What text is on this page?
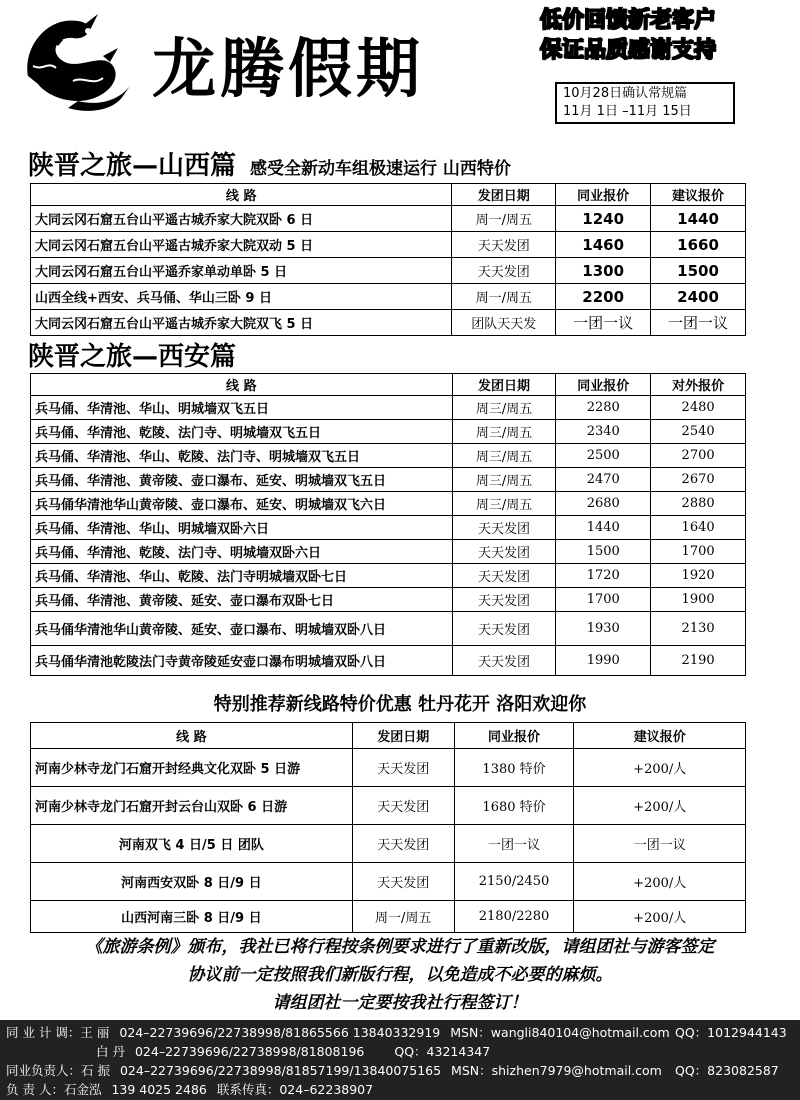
龙腾假期
低价回馈新老客户
保证品质感谢支持
10月28日确认常规篇
11月 1日 –11月 15日
陕晋之旅—山西篇 感受全新动车组极速运行 山西特价
线 路	发团日期	同业报价	建议报价
大同云冈石窟五台山平遥古城乔家大院双卧 6 日	周一/周五	1240	1440
大同云冈石窟五台山平遥古城乔家大院双动 5 日	天天发团	1460	1660
大同云冈石窟五台山平遥乔家单动单卧 5 日	天天发团	1300	1500
山西全线+西安、兵马俑、华山三卧 9 日	周一/周五	2200	2400
大同云冈石窟五台山平遥古城乔家大院双飞 5 日	团队天天发	一团一议	一团一议
陕晋之旅—西安篇
线 路	发团日期	同业报价	对外报价
兵马俑、华清池、华山、明城墙双飞五日	周三/周五	2280	2480
兵马俑、华清池、乾陵、法门寺、明城墙双飞五日	周三/周五	2340	2540
兵马俑、华清池、华山、乾陵、法门寺、明城墙双飞五日	周三/周五	2500	2700
兵马俑、华清池、黄帝陵、壶口瀑布、延安、明城墙双飞五日	周三/周五	2470	2670
兵马俑华清池华山黄帝陵、壶口瀑布、延安、明城墙双飞六日	周三/周五	2680	2880
兵马俑、华清池、华山、明城墙双卧六日	天天发团	1440	1640
兵马俑、华清池、乾陵、法门寺、明城墙双卧六日	天天发团	1500	1700
兵马俑、华清池、华山、乾陵、法门寺明城墙双卧七日	天天发团	1720	1920
兵马俑、华清池、黄帝陵、延安、壶口瀑布双卧七日	天天发团	1700	1900
兵马俑华清池华山黄帝陵、延安、壶口瀑布、明城墙双卧八日	天天发团	1930	2130
兵马俑华清池乾陵法门寺黄帝陵延安壶口瀑布明城墙双卧八日	天天发团	1990	2190
特别推荐新线路特价优惠 牡丹花开 洛阳欢迎你
线 路	发团日期	同业报价	建议报价
河南少林寺龙门石窟开封经典文化双卧 5 日游	天天发团	1380 特价	+200/人
河南少林寺龙门石窟开封云台山双卧 6 日游	天天发团	1680 特价	+200/人
河南双飞 4 日/5 日 团队	天天发团	一团一议	一团一议
河南西安双卧 8 日/9 日	天天发团	2150/2450	+200/人
山西河南三卧 8 日/9 日	周一/周五	2180/2280	+200/人
《旅游条例》颁布，我社已将行程按条例要求进行了重新改版，请组团社与游客签定
协议前一定按照我们新版行程，以免造成不必要的麻烦。
请组团社一定要按我社行程签订！
同 业 计 调：王 丽 024–22739696/22738998/81865566 13840332919 MSN：wangli840104@hotmail.com QQ：1012944143
白 丹 024–22739696/22738998/81808196 QQ：43214347
同业负责人：石 振 024–22739696/22738998/81857199/13840075165 MSN：shizhen7979@hotmail.com	QQ：823082587
负 责 人：石金泓 139 4025 2486 联系传真：024–62238907
